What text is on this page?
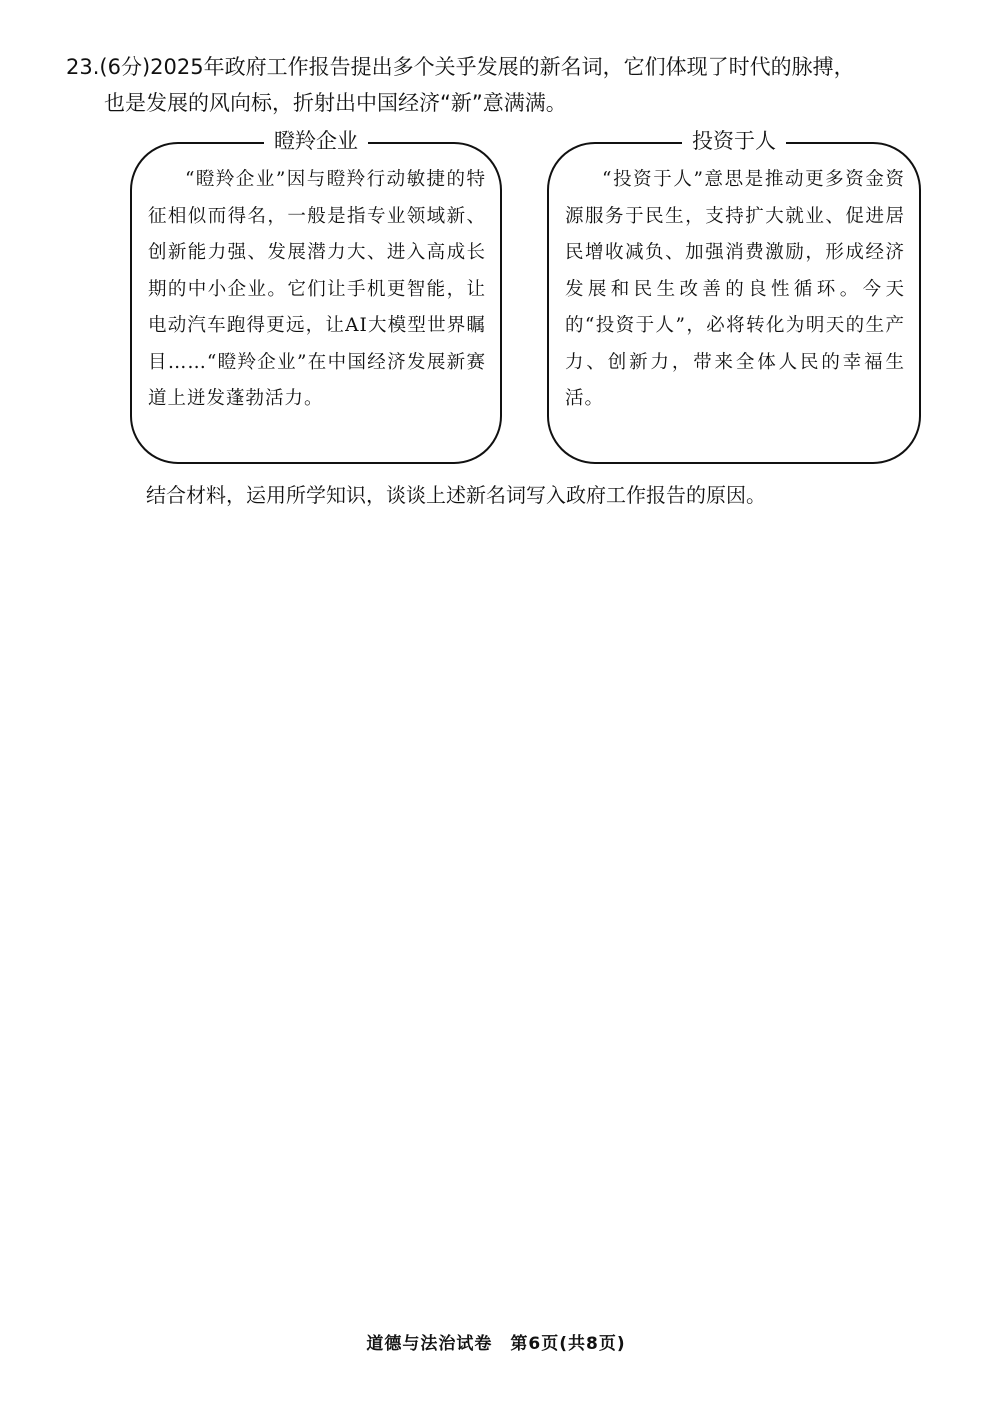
23.(6分)2025年政府工作报告提出多个关乎发展的新名词，它们体现了时代的脉搏，
也是发展的风向标，折射出中国经济“新”意满满。
瞪羚企业
“瞪羚企业”因与瞪羚行动敏捷的特征相似而得名，一般是指专业领域新、创新能力强、发展潜力大、进入高成长期的中小企业。它们让手机更智能，让电动汽车跑得更远，让AI大模型世界瞩目……“瞪羚企业”在中国经济发展新赛道上迸发蓬勃活力。
投资于人
“投资于人”意思是推动更多资金资源服务于民生，支持扩大就业、促进居民增收减负、加强消费激励，形成经济发展和民生改善的良性循环。今天的“投资于人”，必将转化为明天的生产力、创新力，带来全体人民的幸福生活。
结合材料，运用所学知识，谈谈上述新名词写入政府工作报告的原因。
道德与法治试卷　第6页(共8页)
